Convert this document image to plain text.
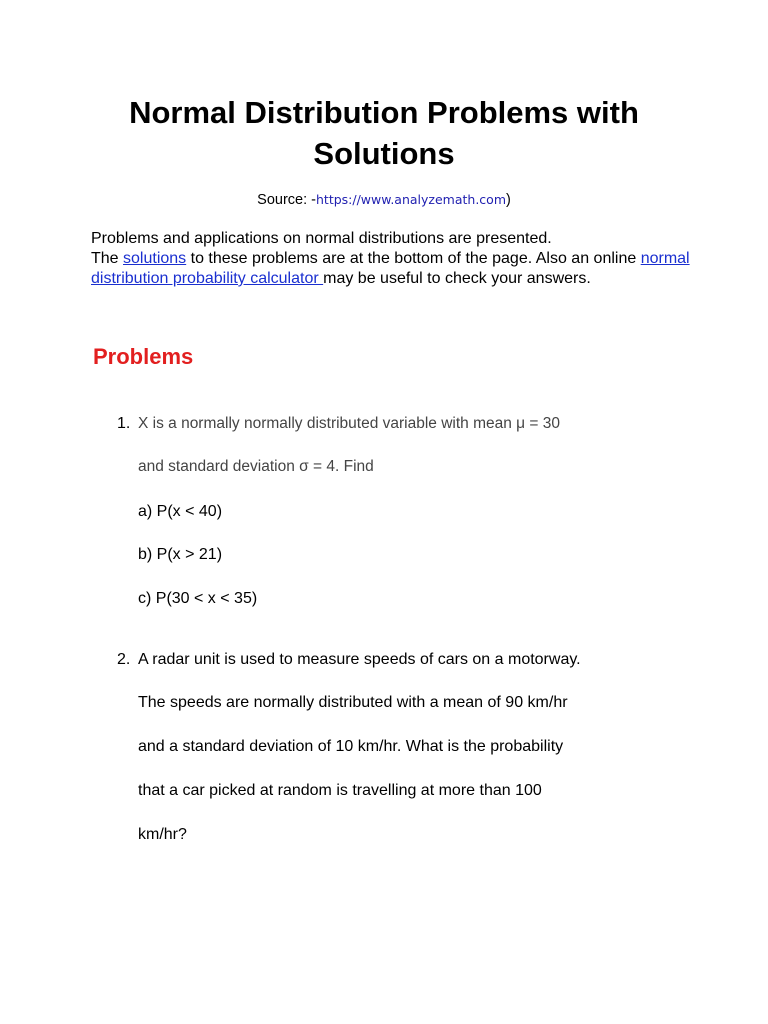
Normal Distribution Problems with
Solutions
Source: -https://www.analyzemath.com)
Problems and applications on normal distributions are presented.
The solutions to these problems are at the bottom of the page. Also an online normal distribution probability calculator may be useful to check your answers.
Problems
1. X is a normally normally distributed variable with mean μ = 30
and standard deviation σ = 4. Find
a) P(x < 40)
b) P(x > 21)
c) P(30 < x < 35)
2. A radar unit is used to measure speeds of cars on a motorway.
The speeds are normally distributed with a mean of 90 km/hr
and a standard deviation of 10 km/hr. What is the probability
that a car picked at random is travelling at more than 100
km/hr?
